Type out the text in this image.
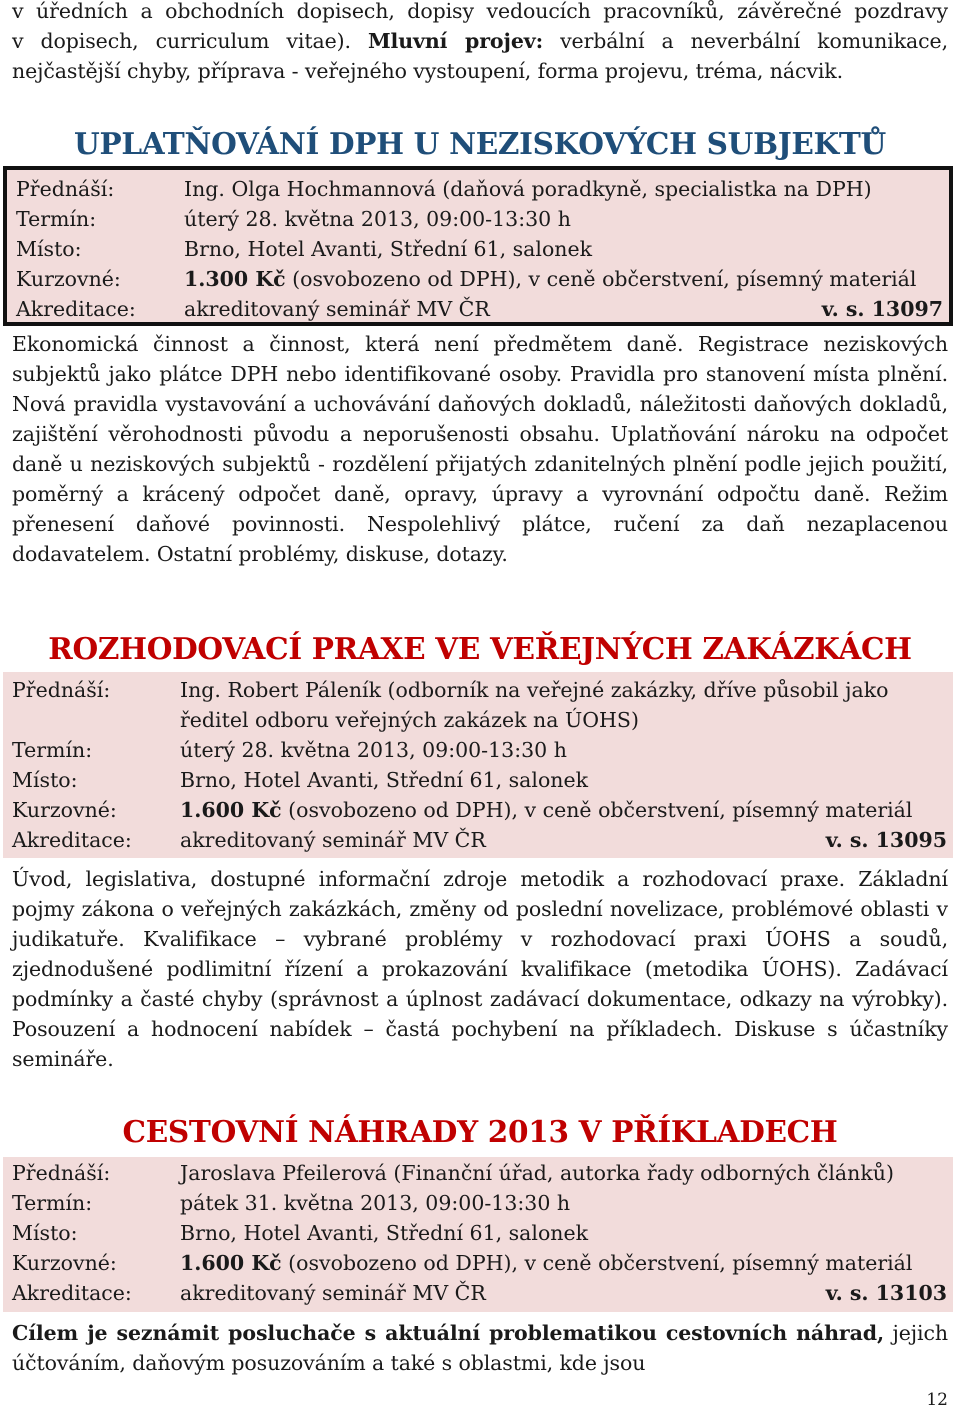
v úředních a obchodních dopisech, dopisy vedoucích pracovníků, závěrečné pozdravy
v dopisech, curriculum vitae). Mluvní projev: verbální a neverbální komunikace,
nejčastější chyby, příprava - veřejného vystoupení, forma projevu, tréma, nácvik.
UPLATŇOVÁNÍ DPH U NEZISKOVÝCH SUBJEKTŮ
Přednáší:	Ing. Olga Hochmannová (daňová poradkyně, specialistka na DPH)
Termín:	úterý 28. května 2013, 09:00-13:30 h
Místo:	Brno, Hotel Avanti, Střední 61, salonek
Kurzovné:	1.300 Kč (osvobozeno od DPH), v ceně občerstvení, písemný materiál
Akreditace: akreditovaný seminář MV ČR	v. s. 13097

Ekonomická činnost a činnost, která není předmětem daně. Registrace neziskových subjektů jako plátce DPH nebo identifikované osoby. Pravidla pro stanovení místa plnění. Nová pravidla vystavování a uchovávání daňových dokladů, náležitosti daňových dokladů, zajištění věrohodnosti původu a neporušenosti obsahu. Uplatňování nároku na odpočet daně u neziskových subjektů - rozdělení přijatých zdanitelných plnění podle jejich použití, poměrný a krácený odpočet daně, opravy, úpravy a vyrovnání odpočtu daně. Režim přenesení daňové povinnosti. Nespolehlivý plátce, ručení za daň nezaplacenou dodavatelem. Ostatní problémy, diskuse, dotazy.

ROZHODOVACÍ PRAXE VE VEŘEJNÝCH ZAKÁZKÁCH
Přednáší:	Ing. Robert Páleník (odborník na veřejné zakázky, dříve působil jako
ředitel odboru veřejných zakázek na ÚOHS)
Termín:	úterý 28. května 2013, 09:00-13:30 h
Místo:	Brno, Hotel Avanti, Střední 61, salonek
Kurzovné:	1.600 Kč (osvobozeno od DPH), v ceně občerstvení, písemný materiál
Akreditace: akreditovaný seminář MV ČR	v. s. 13095

Úvod, legislativa, dostupné informační zdroje metodik a rozhodovací praxe. Základní pojmy zákona o veřejných zakázkách, změny od poslední novelizace, problémové oblasti v judikatuře. Kvalifikace – vybrané problémy v rozhodovací praxi ÚOHS a soudů, zjednodušené podlimitní řízení a prokazování kvalifikace (metodika ÚOHS). Zadávací podmínky a časté chyby (správnost a úplnost zadávací dokumentace, odkazy na výrobky). Posouzení a hodnocení nabídek – častá pochybení na příkladech. Diskuse s účastníky semináře.

CESTOVNÍ NÁHRADY 2013 V PŘÍKLADECH
Přednáší:	Jaroslava Pfeilerová (Finanční úřad, autorka řady odborných článků)
Termín:	pátek 31. května 2013, 09:00-13:30 h
Místo:	Brno, Hotel Avanti, Střední 61, salonek
Kurzovné:	1.600 Kč (osvobozeno od DPH), v ceně občerstvení, písemný materiál
Akreditace: akreditovaný seminář MV ČR	v. s. 13103

Cílem je seznámit posluchače s aktuální problematikou cestovních náhrad, jejich účtováním, daňovým posuzováním a také s oblastmi, kde jsou

12
